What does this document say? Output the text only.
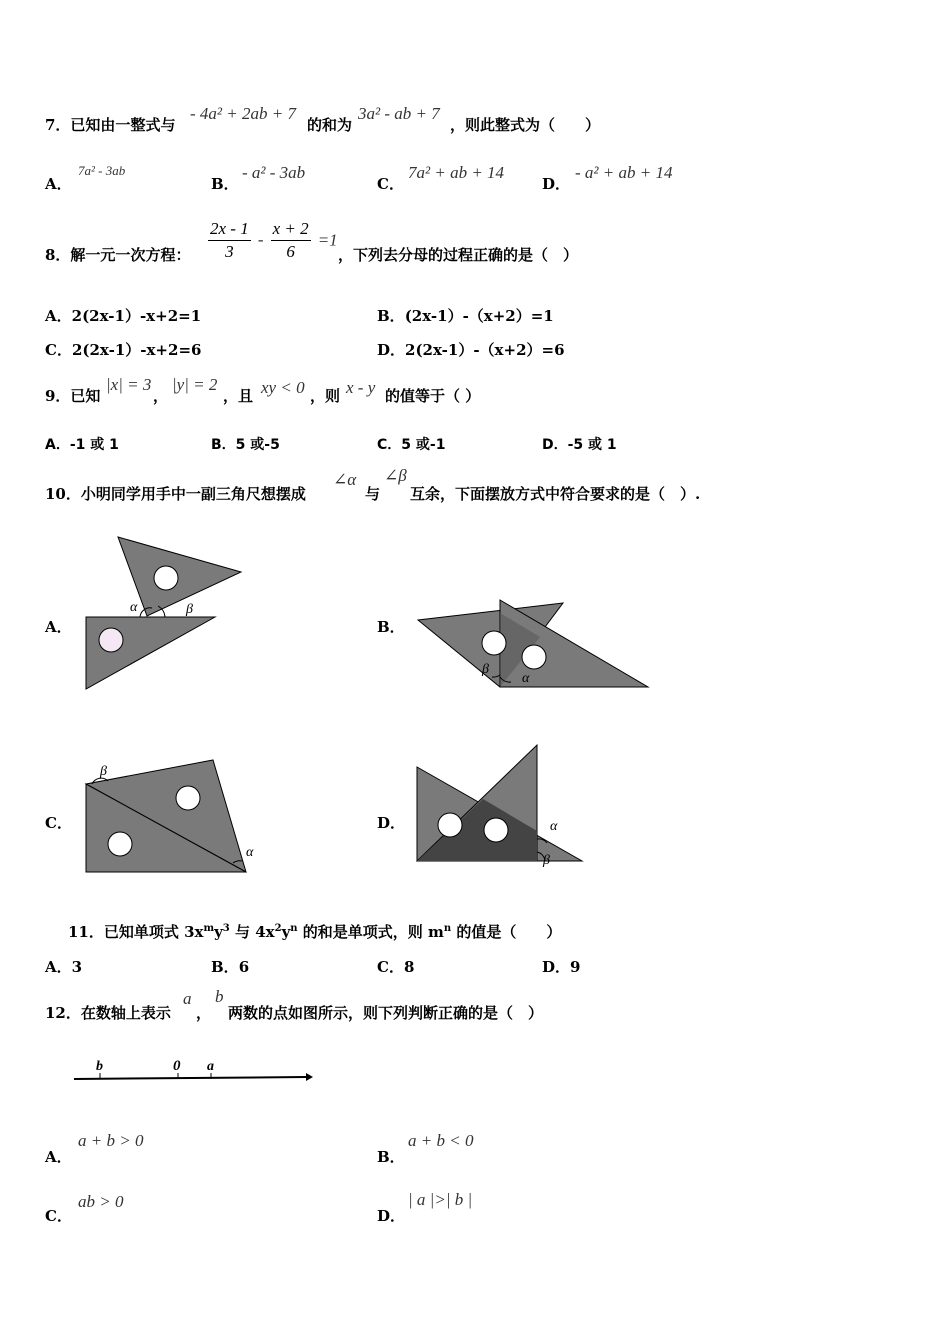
7．已知由一整式与
- 4a² + 2ab + 7
的和为
3a² - ab + 7
，则此整式为（　　）
A．
7a² - 3ab
B．
- a² - 3ab
C．
7a² + ab + 14
D．
- a² + ab + 14
8．解一元一次方程： $\frac{2x - 1}{3} - \frac{x + 2}{6} =1$
，下列去分母的过程正确的是（　）
A．2(2x-1）-x+2=1	B．(2x-1）-（x+2）=1
C．2(2x-1）-x+2=6	D．2(2x-1）-（x+2）=6
9．已知
|x| = 3
，
|y| = 2
，且 xy < 0 ，则 x - y 的值等于（ ）
A．-1 或 1	B．5 或-5	C．5 或-1	D．-5 或 1
10．小明同学用手中一副三角尺想摆成
∠α
与
∠β
互余，下面摆放方式中符合要求的是（　）.
A．	B．
C．	D．
α	β
β
α
β
α
α
β
11．已知单项式 $3x^my^3$ 与 $4x^2y^n$ 的和是单项式，则 $m^n$ 的值是（　　）
A．3	B．6	C．8	D．9
12．在数轴上表示
a
，
b
两数的点如图所示，则下列判断正确的是（　）
b	0 a
A．
a + b > 0
B．
a + b < 0
C．
ab > 0
D．
| a |>| b |
